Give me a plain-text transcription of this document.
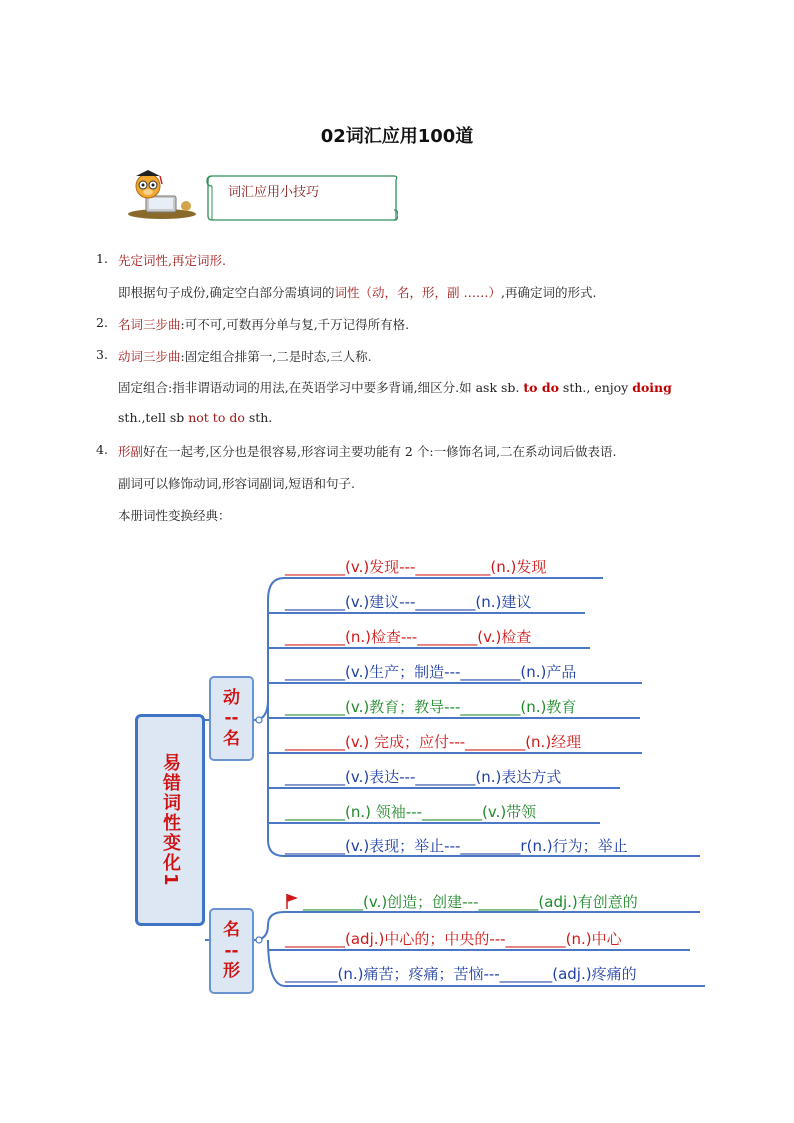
02词汇应用100道
词汇应用小技巧
1. 先定词性,再定词形.
即根据句子成份,确定空白部分需填词的词性（动，名，形，副 ……）,再确定词的形式.
2. 名词三步曲:可不可,可数再分单与复,千万记得所有格.
3. 动词三步曲:固定组合排第一,二是时态,三人称.
固定组合:指非谓语动词的用法,在英语学习中要多背诵,细区分.如 ask sb. to do sth., enjoy doing
sth.,tell sb not to do sth.
4. 形副好在一起考,区分也是很容易,形容词主要功能有 2 个:一修饰名词,二在系动词后做表语.
副词可以修饰动词,形容词副词,短语和句子.
本册词性变换经典：
易错词性变化1
动
--
名
名
--
形
________(v.)发现---__________(n.)发现
________(v.)建议---________(n.)建议
________(n.)检查---________(v.)检查
________(v.)生产；制造---________(n.)产品
________(v.)教育；教导---________(n.)教育
________(v.) 完成；应付---________(n.)经理
________(v.)表达---________(n.)表达方式
________(n.) 领袖---________(v.)带领
________(v.)表现；举止---________r(n.)行为；举止
________(v.)创造；创建---________(adj.)有创意的
________(adj.)中心的；中央的---________(n.)中心
_______(n.)痛苦；疼痛；苦恼---_______(adj.)疼痛的
